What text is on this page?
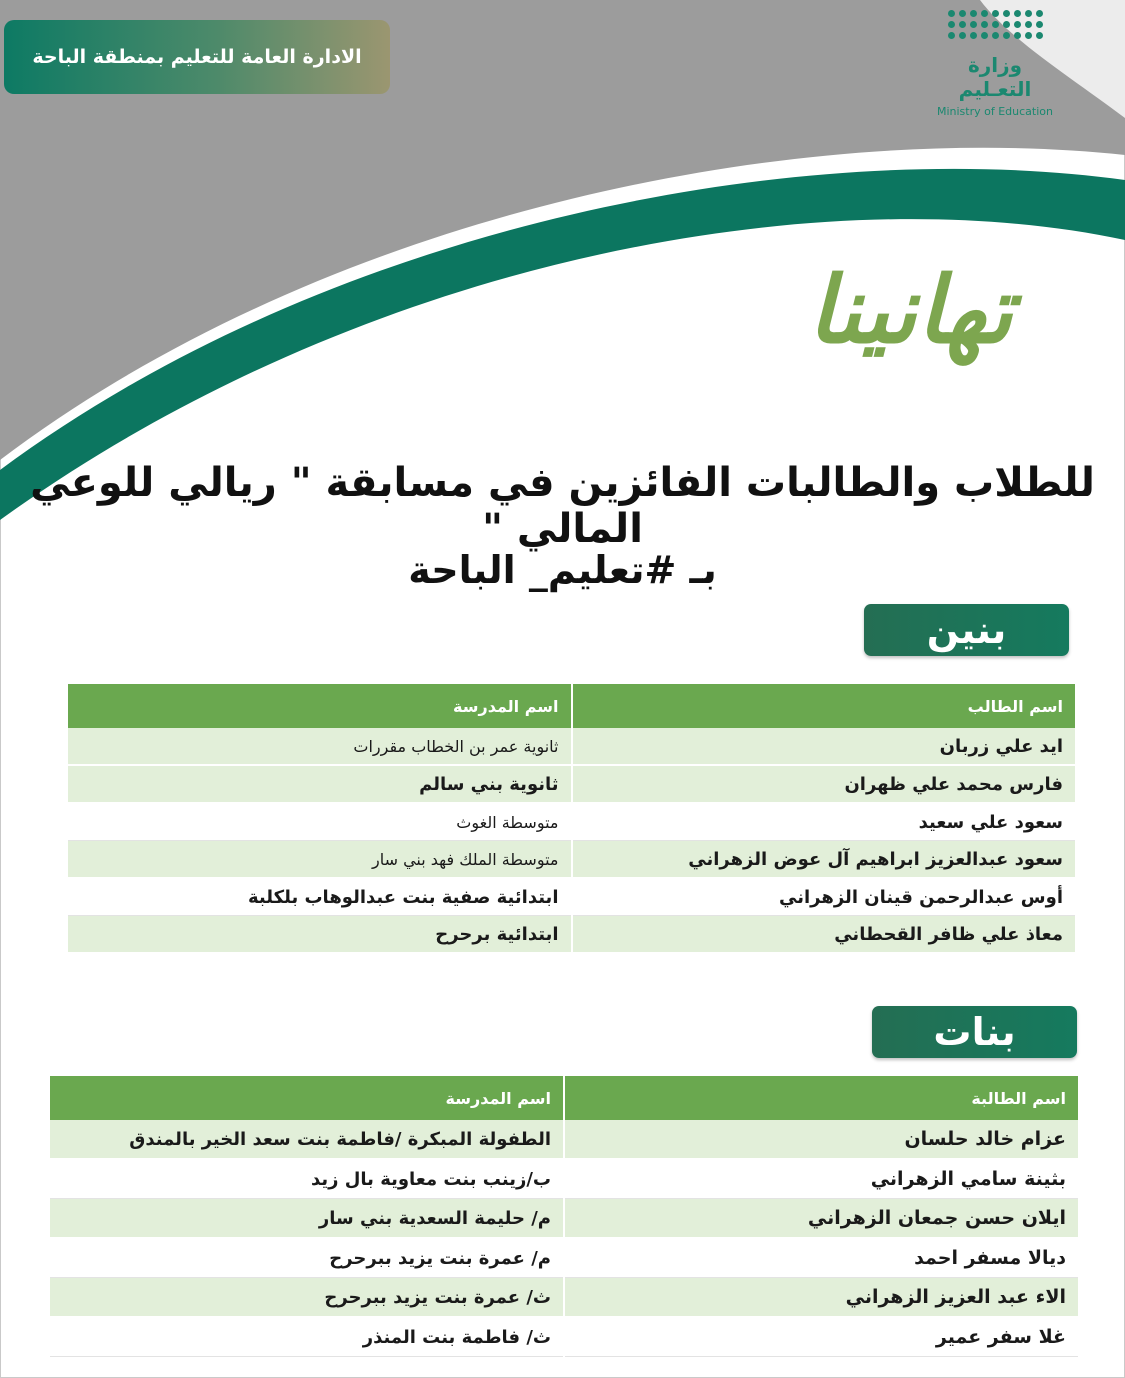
الادارة العامة للتعليم بمنطقة الباحة	وزارة التعـليم
Ministry of Education
تهانينا
للطلاب والطالبات الفائزين في مسابقة " ريالي للوعي المالي "
بـ #تعليم_ الباحة
بنين
اسم الطالب	اسم المدرسة
ايد علي زربان	ثانوية عمر بن الخطاب مقررات
فارس محمد علي ظهران	ثانوية بني سالم
سعود علي سعيد	متوسطة الغوث
سعود عبدالعزيز ابراهيم آل عوض الزهراني	متوسطة الملك فهد بني سار
أوس عبدالرحمن قينان الزهراني	ابتدائية صفية بنت عبدالوهاب بلكلبة
معاذ علي ظافر القحطاني	ابتدائية برحرح
بنات
اسم الطالبة	اسم المدرسة
عزام خالد حلسان	الطفولة المبكرة /فاطمة بنت سعد الخير بالمندق
بثينة سامي الزهراني	ب/زينب بنت معاوية بال زيد
ايلان حسن جمعان الزهراني	م/ حليمة السعدية بني سار
ديالا مسفر احمد	م/ عمرة بنت يزيد ببرحرح
الاء عبد العزيز الزهراني	ث/ عمرة بنت يزيد ببرحرح
غلا سفر عمير	ث/ فاطمة بنت المنذر
